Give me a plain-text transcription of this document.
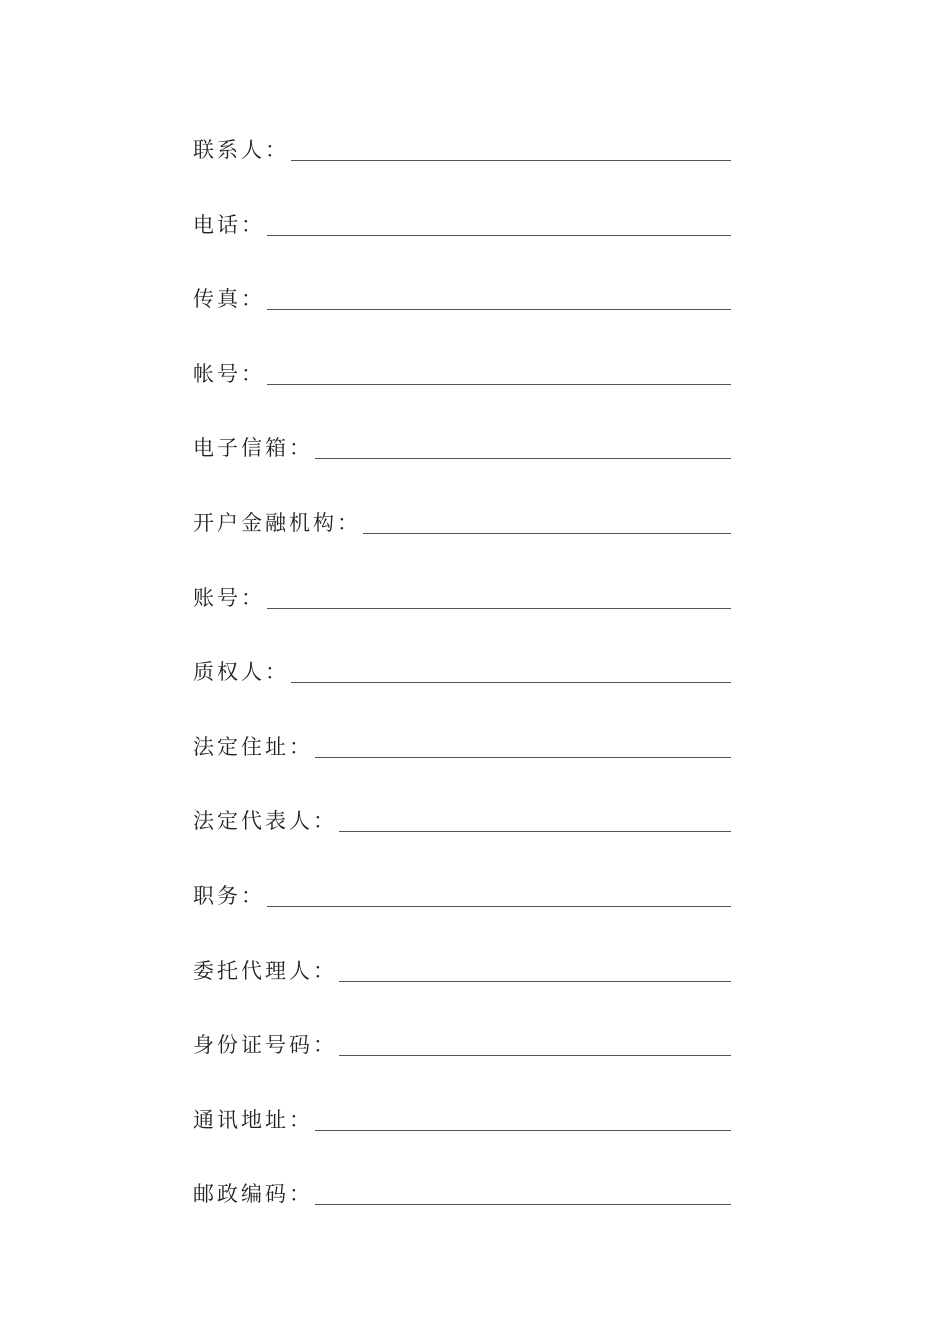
联系人：
电话：
传真：
帐号：
电子信箱：
开户金融机构：
账号：
质权人：
法定住址：
法定代表人：
职务：
委托代理人：
身份证号码：
通讯地址：
邮政编码：
